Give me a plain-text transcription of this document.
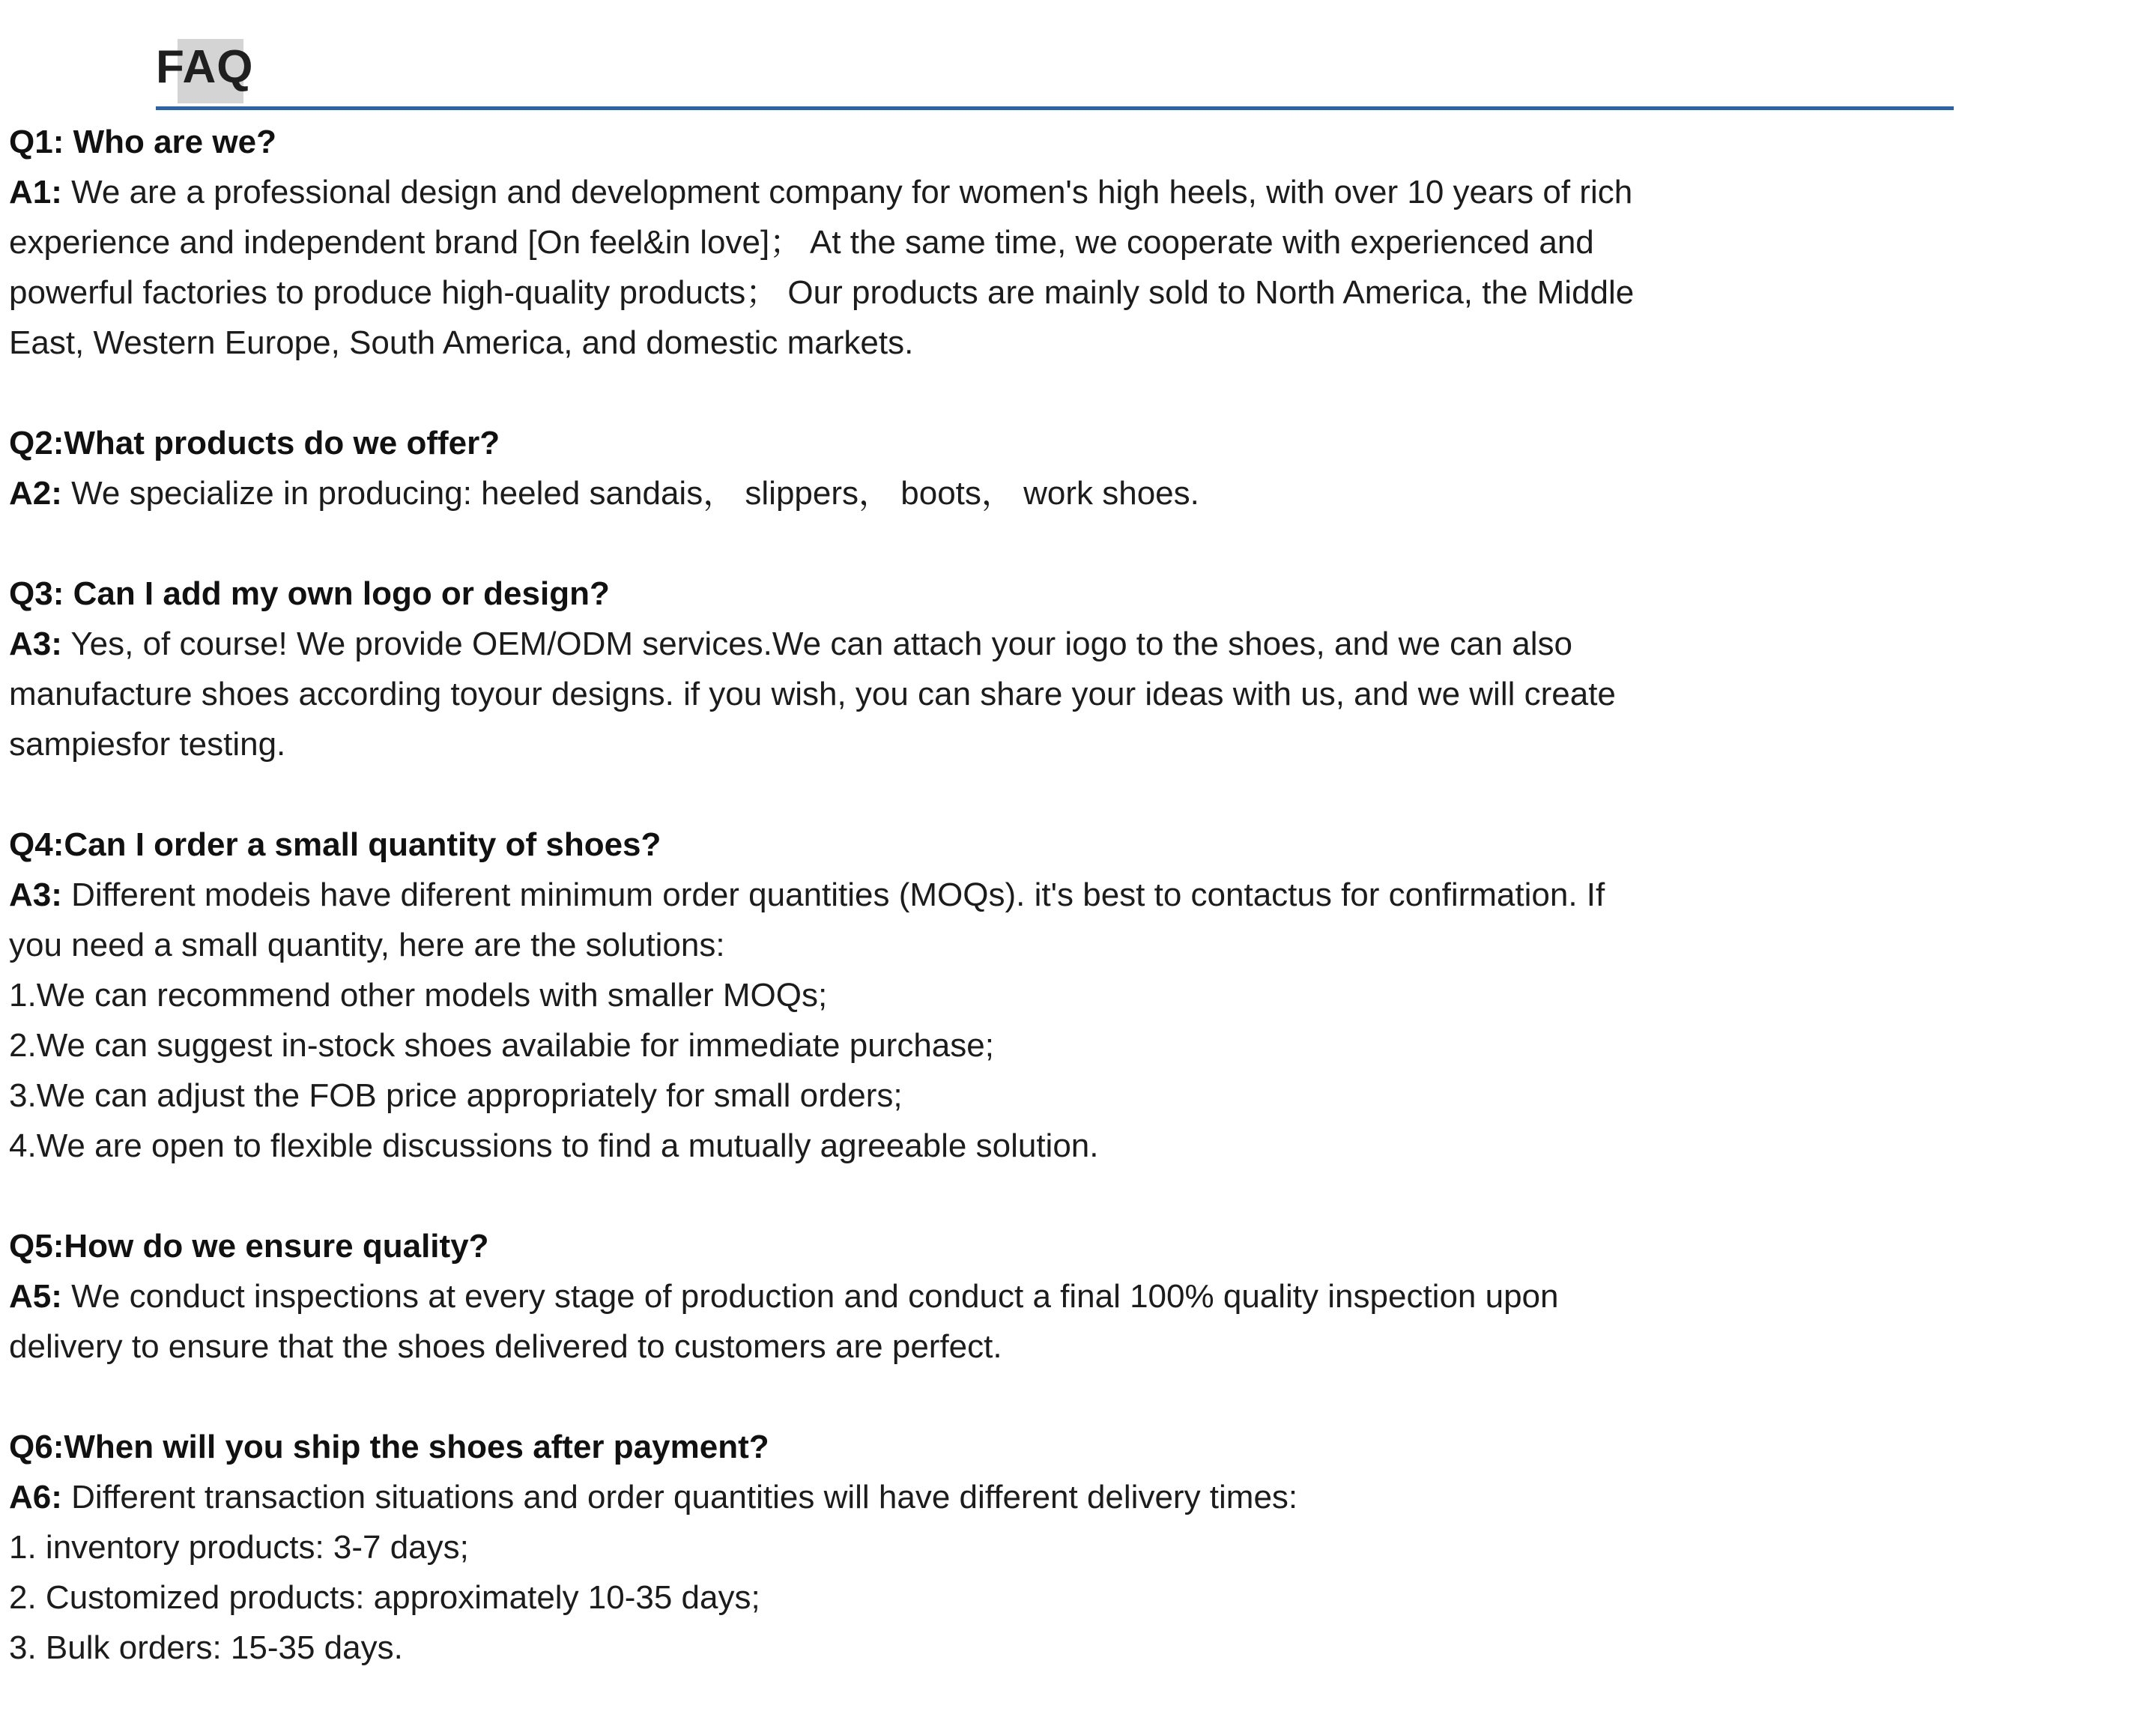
FAQ
Q1: Who are we?
A1: We are a professional design and development company for women's high heels, with over 10 years of rich
experience and independent brand [On feel&in love]； At the same time, we cooperate with experienced and
powerful factories to produce high-quality products； Our products are mainly sold to North America, the Middle
East, Western Europe, South America, and domestic markets.
Q2:What products do we offer?
A2: We specialize in producing: heeled sandais， slippers， boots， work shoes.
Q3: Can I add my own logo or design?
A3: Yes, of course! We provide OEM/ODM services.We can attach your iogo to the shoes, and we can also
manufacture shoes according toyour designs. if you wish, you can share your ideas with us, and we will create
sampiesfor testing.
Q4:Can I order a small quantity of shoes?
A3: Different modeis have diferent minimum order quantities (MOQs). it's best to contactus for confirmation. If
you need a small quantity, here are the solutions:
1.We can recommend other models with smaller MOQs;
2.We can suggest in-stock shoes availabie for immediate purchase;
3.We can adjust the FOB price appropriately for small orders;
4.We are open to flexible discussions to find a mutually agreeable solution.
Q5:How do we ensure quality?
A5: We conduct inspections at every stage of production and conduct a final 100% quality inspection upon
delivery to ensure that the shoes delivered to customers are perfect.
Q6:When will you ship the shoes after payment?
A6: Different transaction situations and order quantities will have different delivery times:
1. inventory products: 3-7 days;
2. Customized products: approximately 10-35 days;
3. Bulk orders: 15-35 days.
